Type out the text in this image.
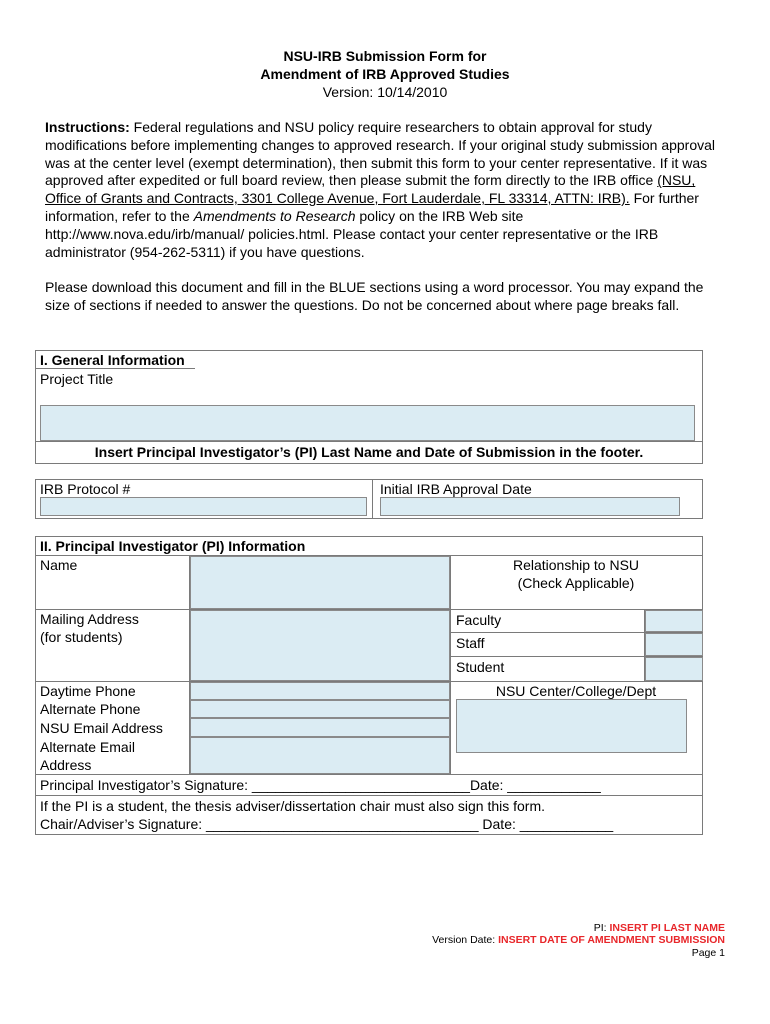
NSU-IRB Submission Form for
Amendment of IRB Approved Studies
Version: 10/14/2010
Instructions: Federal regulations and NSU policy require researchers to obtain approval for study modifications before implementing changes to approved research. If your original study submission approval was at the center level (exempt determination), then submit this form to your center representative. If it was approved after expedited or full board review, then please submit the form directly to the IRB office (NSU, Office of Grants and Contracts, 3301 College Avenue, Fort Lauderdale, FL 33314, ATTN: IRB). For further information, refer to the Amendments to Research policy on the IRB Web site http://www.nova.edu/irb/manual/ policies.html. Please contact your center representative or the IRB administrator (954-262-5311) if you have questions.
Please download this document and fill in the BLUE sections using a word processor. You may expand the size of sections if needed to answer the questions. Do not be concerned about where page breaks fall.
I. General Information
Project Title
Insert Principal Investigator’s (PI) Last Name and Date of Submission in the footer.
IRB Protocol #	Initial IRB Approval Date
II. Principal Investigator (PI) Information
Name	Relationship to NSU
(Check Applicable)
Mailing Address
(for students)
Faculty
Staff
Student
Daytime Phone
Alternate Phone
NSU Email Address
Alternate Email
Address
NSU Center/College/Dept
Principal Investigator’s Signature: ____________________________Date: ____________
If the PI is a student, the thesis adviser/dissertation chair must also sign this form.
Chair/Adviser’s Signature: ___________________________________ Date: ____________
PI: INSERT PI LAST NAME
Version Date: INSERT DATE OF AMENDMENT SUBMISSION
Page 1
